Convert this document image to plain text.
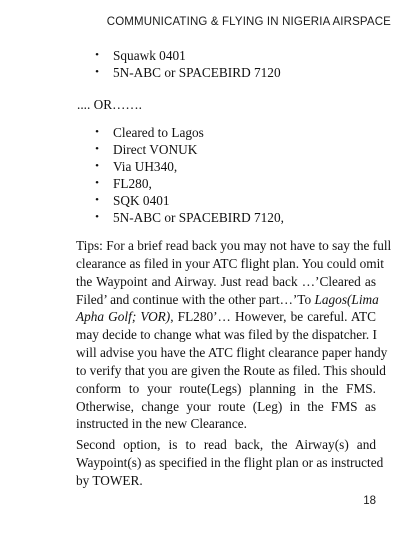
COMMUNICATING & FLYING IN NIGERIA AIRSPACE
• Squawk 0401
• 5N-ABC or SPACEBIRD 7120
.... OR…….
• Cleared to Lagos
• Direct VONUK
• Via UH340,
• FL280,
• SQK 0401
• 5N-ABC or SPACEBIRD 7120,
Tips: For a brief read back you may not have to say the full
clearance as filed in your ATC flight plan. You could omit
the Waypoint and Airway. Just read back …’Cleared as
Filed’ and continue with the other part…’To Lagos(Lima
Apha Golf; VOR), FL280’… However, be careful. ATC
may decide to change what was filed by the dispatcher. I
will advise you have the ATC flight clearance paper handy
to verify that you are given the Route as filed. This should
conform to your route(Legs) planning in the FMS.
Otherwise, change your route (Leg) in the FMS as
instructed in the new Clearance.
Second option, is to read back, the Airway(s) and
Waypoint(s) as specified in the flight plan or as instructed
by TOWER.
18
